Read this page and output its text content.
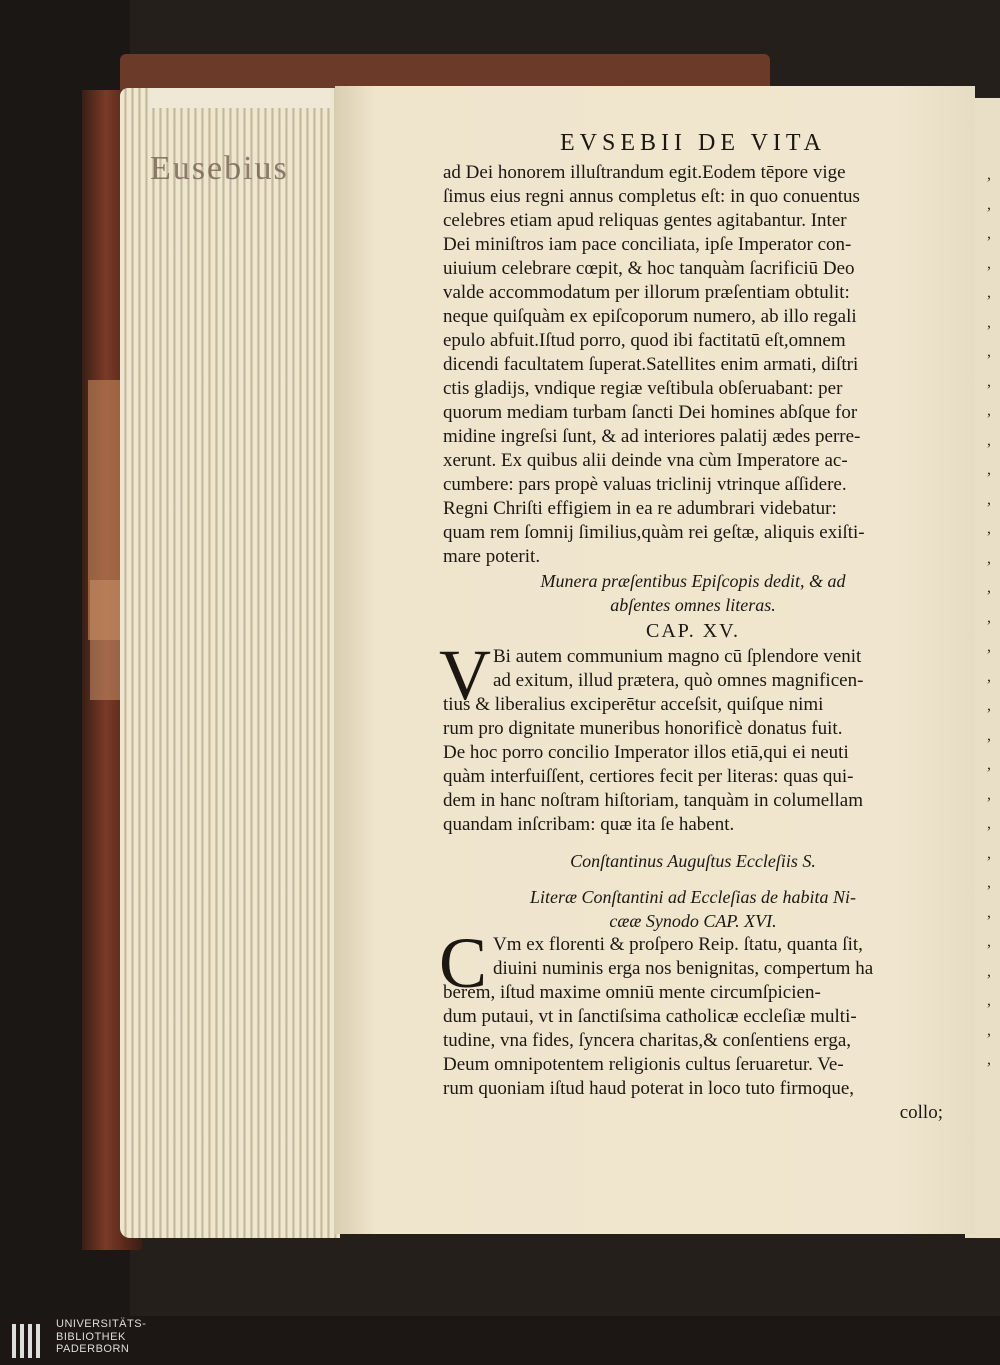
Eusebius	,
,
,
,
,
,
,
,
,
,
,
,
,
,
,
,
,
,
,
,
,
,
,
,
,
,
,
,
,
,
,
EVSEBII DE VITA
ad Dei honorem illuſtrandum egit.Eodem tēpore vige
ſimus eius regni annus completus eſt: in quo conuentus
celebres etiam apud reliquas gentes agitabantur. Inter
Dei miniſtros iam pace conciliata, ipſe Imperator con-
uiuium celebrare cœpit, & hoc tanquàm ſacrificiū Deo
valde accommodatum per illorum præſentiam obtulit:
neque quiſquàm ex epiſcoporum numero, ab illo regali
epulo abfuit.Iſtud porro, quod ibi factitatū eſt,omnem
dicendi facultatem ſuperat.Satellites enim armati, diſtri
ctis gladijs, vndique regiæ veſtibula obſeruabant: per
quorum mediam turbam ſancti Dei homines abſque for
midine ingreſsi ſunt, & ad interiores palatij ædes perre-
xerunt. Ex quibus alii deinde vna cùm Imperatore ac-
cumbere: pars propè valuas triclinij vtrinque aſſidere.
Regni Chriſti effigiem in ea re adumbrari videbatur:
quam rem ſomnij ſimilius,quàm rei geſtæ, aliquis exiſti-
mare poterit.
Munera præſentibus Epiſcopis dedit, & ad
abſentes omnes literas.
CAP. XV.
V Bi autem communium magno cū ſplendore venit
ad exitum, illud prætera, quò omnes magnificen-
tius & liberalius exciperētur acceſsit, quiſque nimi
rum pro dignitate muneribus honorificè donatus fuit.
De hoc porro concilio Imperator illos etiā,qui ei neuti
quàm interfuiſſent, certiores fecit per literas: quas qui-
dem in hanc noſtram hiſtoriam, tanquàm in columellam
quandam inſcribam: quæ ita ſe habent.
Conſtantinus Auguſtus Eccleſiis S.
Literæ Conſtantini ad Eccleſias de habita Ni-
cææ Synodo CAP. XVI.
C Vm ex florenti & proſpero Reip. ſtatu, quanta ſit,
diuini numinis erga nos benignitas, compertum ha
berem, iſtud maxime omniū mente circumſpicien-
dum putaui, vt in ſanctiſsima catholicæ eccleſiæ multi-
tudine, vna fides, ſyncera charitas,& conſentiens erga,
Deum omnipotentem religionis cultus ſeruaretur. Ve-
rum quoniam iſtud haud poterat in loco tuto firmoque,
collo;
UNIVERSITÄTS-
BIBLIOTHEK
PADERBORN
